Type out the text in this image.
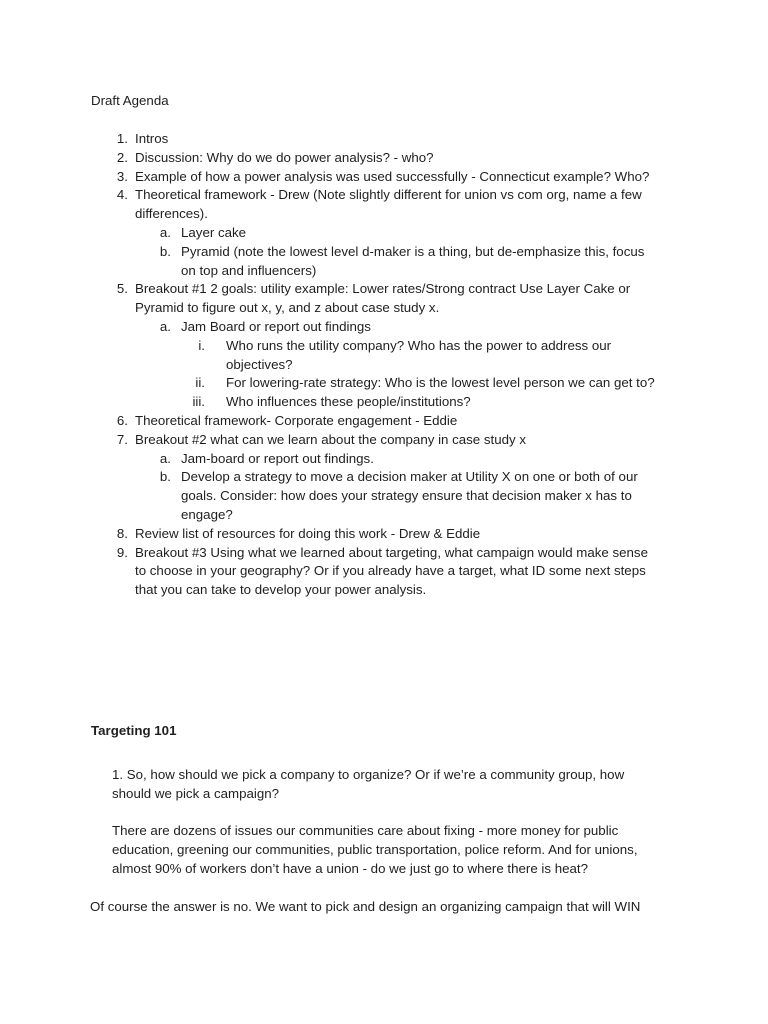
Draft Agenda
1. Intros
2. Discussion: Why do we do power analysis? - who?
3. Example of how a power analysis was used successfully - Connecticut example? Who?
4. Theoretical framework - Drew (Note slightly different for union vs com org, name a few
differences).
a. Layer cake
b. Pyramid (note the lowest level d-maker is a thing, but de-emphasize this, focus
on top and influencers)
5. Breakout #1 2 goals: utility example: Lower rates/Strong contract Use Layer Cake or
Pyramid to figure out x, y, and z about case study x.
a. Jam Board or report out findings
i. Who runs the utility company? Who has the power to address our
objectives?
ii. For lowering-rate strategy: Who is the lowest level person we can get to?
iii. Who influences these people/institutions?
6. Theoretical framework- Corporate engagement - Eddie
7. Breakout #2 what can we learn about the company in case study x
a. Jam-board or report out findings.
b. Develop a strategy to move a decision maker at Utility X on one or both of our
goals. Consider: how does your strategy ensure that decision maker x has to
engage?
8. Review list of resources for doing this work - Drew & Eddie
9. Breakout #3 Using what we learned about targeting, what campaign would make sense
to choose in your geography? Or if you already have a target, what ID some next steps
that you can take to develop your power analysis.
Targeting 101
1. So, how should we pick a company to organize? Or if we’re a community group, how
should we pick a campaign?
There are dozens of issues our communities care about fixing - more money for public
education, greening our communities, public transportation, police reform. And for unions,
almost 90% of workers don’t have a union - do we just go to where there is heat?
Of course the answer is no. We want to pick and design an organizing campaign that will WIN
